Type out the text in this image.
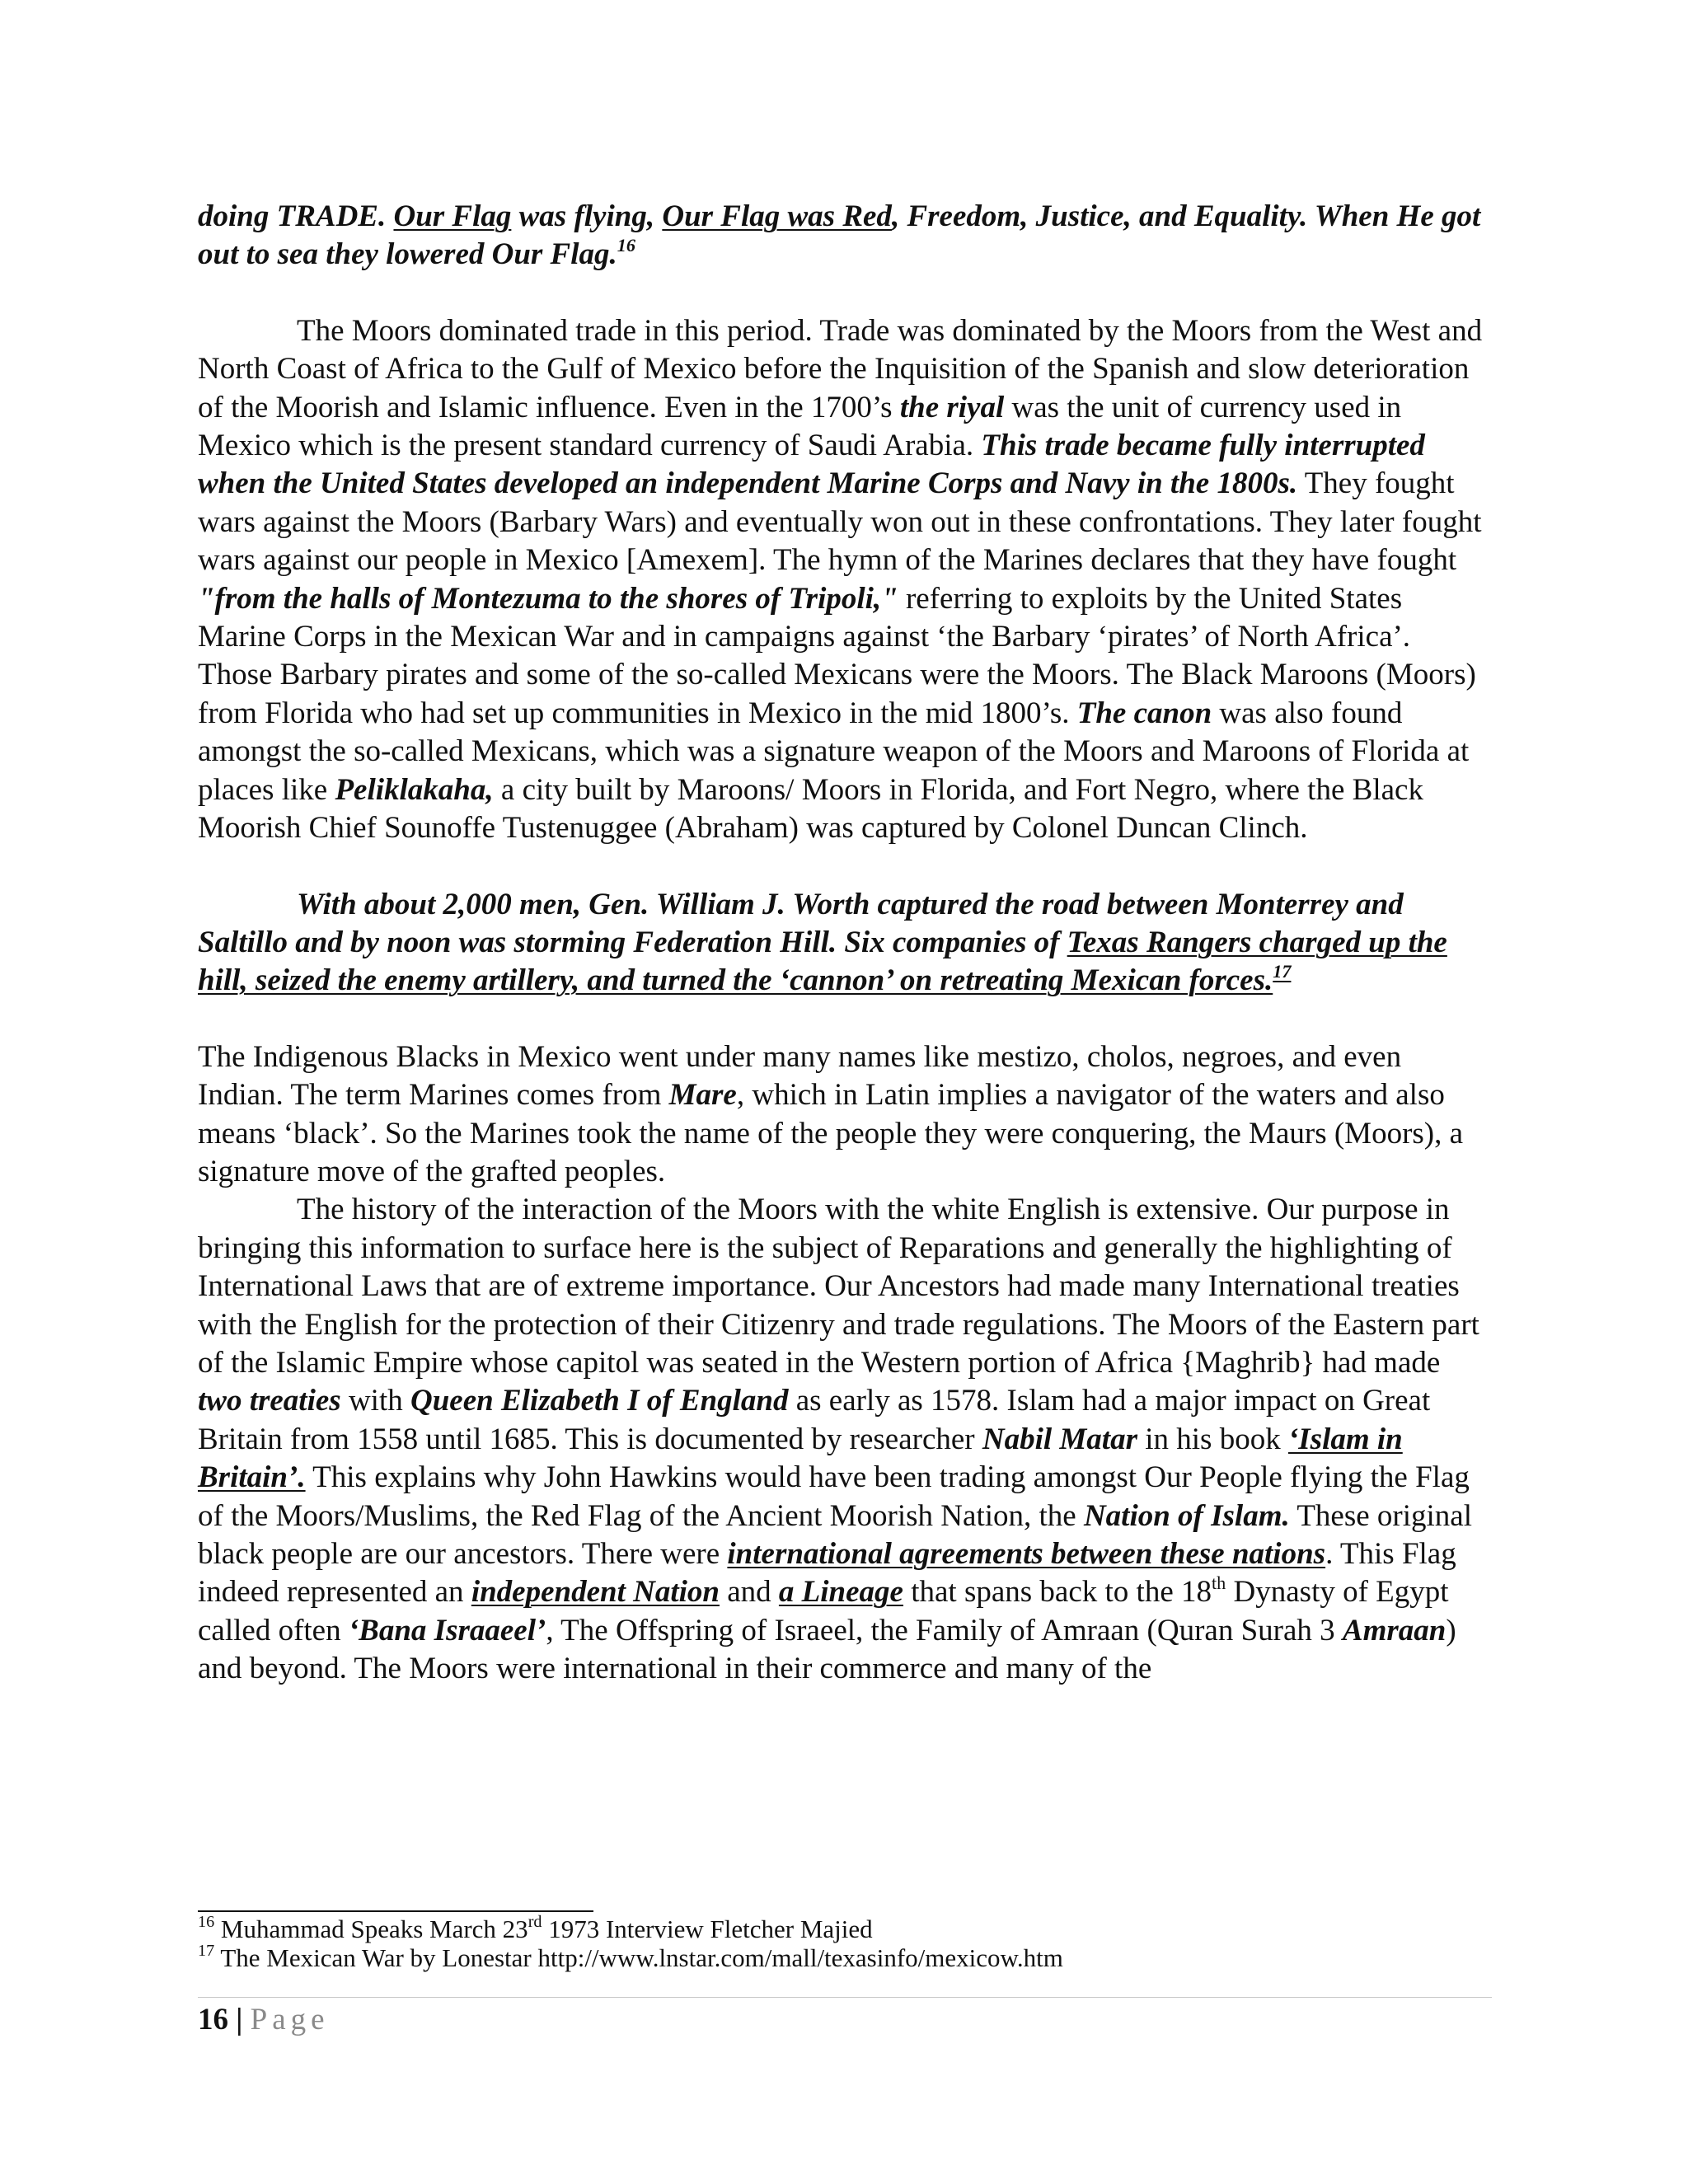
doing TRADE. Our Flag was flying, Our Flag was Red, Freedom, Justice, and Equality. When He got out to sea they lowered Our Flag.$^{16}$

The Moors dominated trade in this period. Trade was dominated by the Moors from the West and North Coast of Africa to the Gulf of Mexico before the Inquisition of the Spanish and slow deterioration of the Moorish and Islamic influence. Even in the 1700’s the riyal was the unit of currency used in Mexico which is the present standard currency of Saudi Arabia. This trade became fully interrupted when the United States developed an independent Marine Corps and Navy in the 1800s. They fought wars against the Moors (Barbary Wars) and eventually won out in these confrontations. They later fought wars against our people in Mexico [Amexem]. The hymn of the Marines declares that they have fought "from the halls of Montezuma to the shores of Tripoli," referring to exploits by the United States Marine Corps in the Mexican War and in campaigns against ‘the Barbary ‘pirates’ of North Africa’. Those Barbary pirates and some of the so-called Mexicans were the Moors. The Black Maroons (Moors) from Florida who had set up communities in Mexico in the mid 1800’s. The canon was also found amongst the so-called Mexicans, which was a signature weapon of the Moors and Maroons of Florida at places like Peliklakaha, a city built by Maroons/ Moors in Florida, and Fort Negro, where the Black Moorish Chief Sounoffe Tustenuggee (Abraham) was captured by Colonel Duncan Clinch.

With about 2,000 men, Gen. William J. Worth captured the road between Monterrey and Saltillo and by noon was storming Federation Hill. Six companies of Texas Rangers charged up the hill, seized the enemy artillery, and turned the ‘cannon’ on retreating Mexican forces.$^{17}$

The Indigenous Blacks in Mexico went under many names like mestizo, cholos, negroes, and even Indian. The term Marines comes from Mare, which in Latin implies a navigator of the waters and also means ‘black’. So the Marines took the name of the people they were conquering, the Maurs (Moors), a signature move of the grafted peoples.

The history of the interaction of the Moors with the white English is extensive. Our purpose in bringing this information to surface here is the subject of Reparations and generally the highlighting of International Laws that are of extreme importance. Our Ancestors had made many International treaties with the English for the protection of their Citizenry and trade regulations. The Moors of the Eastern part of the Islamic Empire whose capitol was seated in the Western portion of Africa {Maghrib} had made two treaties with Queen Elizabeth I of England as early as 1578. Islam had a major impact on Great Britain from 1558 until 1685. This is documented by researcher Nabil Matar in his book ‘Islam in Britain’. This explains why John Hawkins would have been trading amongst Our People flying the Flag of the Moors/Muslims, the Red Flag of the Ancient Moorish Nation, the Nation of Islam. These original black people are our ancestors. There were international agreements between these nations. This Flag indeed represented an independent Nation and a Lineage that spans back to the 18th Dynasty of Egypt called often ‘Bana Israaeel’, The Offspring of Israeel, the Family of Amraan (Quran Surah 3 Amraan) and beyond. The Moors were international in their commerce and many of the

$^{16}$ Muhammad Speaks March 23rd 1973 Interview Fletcher Majied
$^{17}$ The Mexican War by Lonestar http://www.lnstar.com/mall/texasinfo/mexicow.htm
16 | Page
